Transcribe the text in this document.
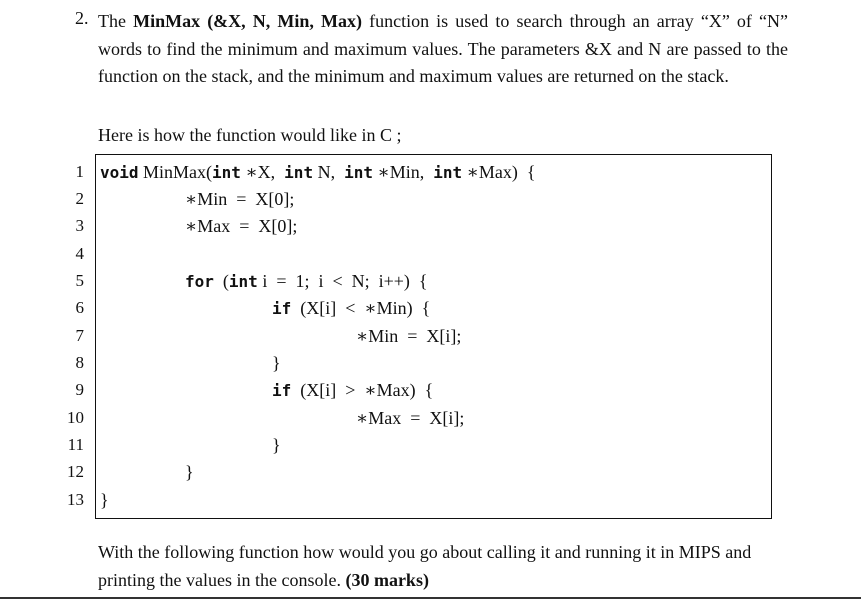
2. The MinMax (&X, N, Min, Max) function is used to search through an array “X” of “N” words to find the minimum and maximum values. The parameters &X and N are passed to the function on the stack, and the minimum and maximum values are returned on the stack.
Here is how the function would like in C ;
1
2
3
4
5
6
7
8
9
10
11
12
13
void MinMax(int ∗X,  int N,  int ∗Min,  int ∗Max)  {
∗Min  =  X[0];
∗Max  =  X[0];
for  (int i  =  1;  i  <  N;  i++)  {
if  (X[i]  <  ∗Min)  {
∗Min  =  X[i];
}
if  (X[i]  >  ∗Max)  {
∗Max  =  X[i];
}
}
}
With the following function how would you go about calling it and running it in MIPS and printing the values in the console. (30 marks)
